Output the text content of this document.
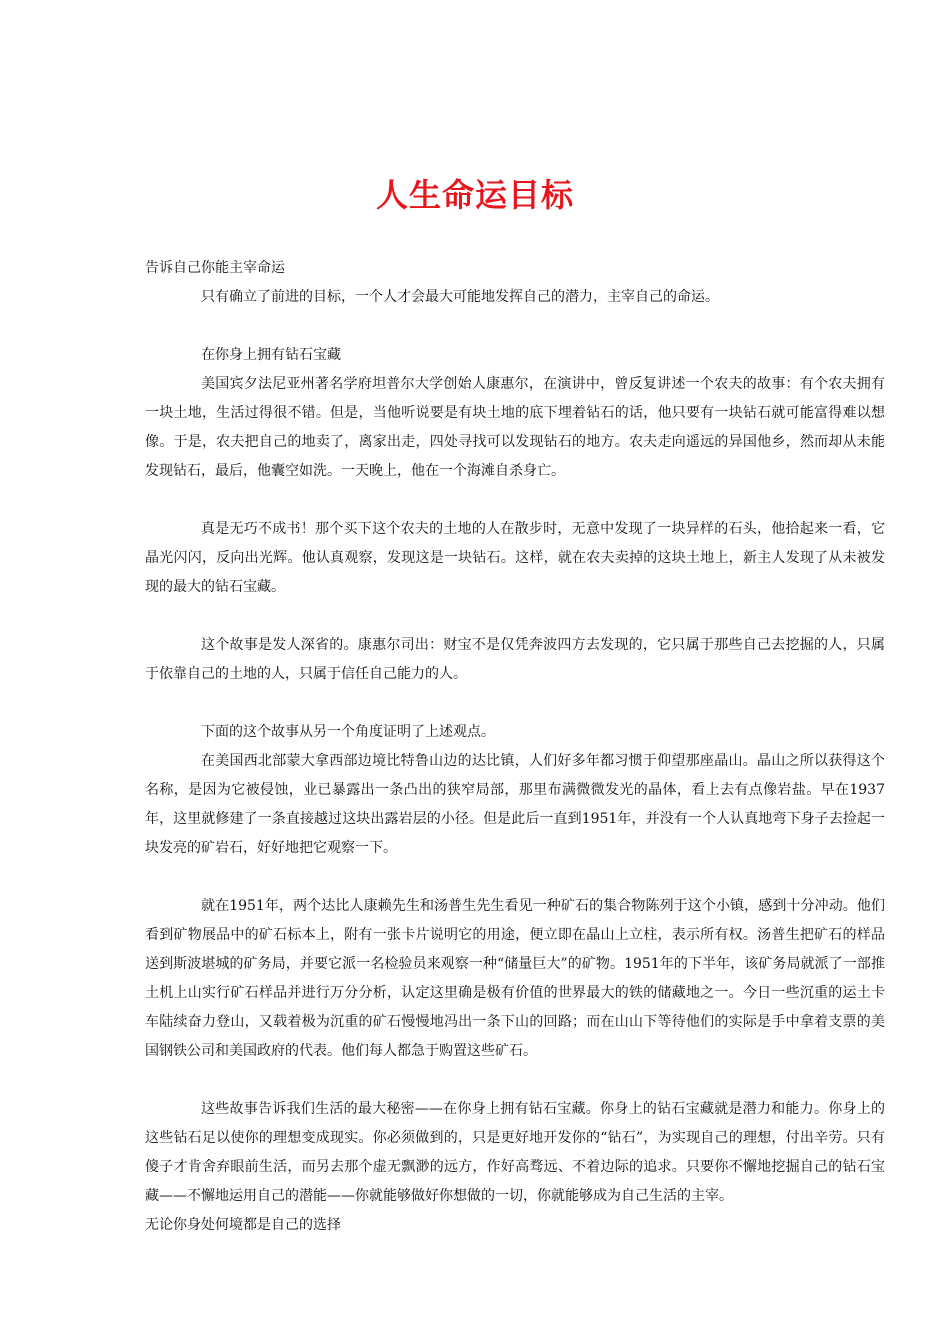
人生命运目标

告诉自己你能主宰命运

只有确立了前进的目标，一个人才会最大可能地发挥自己的潜力，主宰自己的命运。

在你身上拥有钻石宝藏

美国宾夕法尼亚州著名学府坦普尔大学创始人康惠尔，在演讲中，曾反复讲述一个农夫的故事：有个农夫拥有一块土地，生活过得很不错。但是，当他听说要是有块土地的底下埋着钻石的话，他只要有一块钻石就可能富得难以想像。于是，农夫把自己的地卖了，离家出走，四处寻找可以发现钻石的地方。农夫走向遥远的异国他乡，然而却从未能发现钻石，最后，他囊空如洗。一天晚上，他在一个海滩自杀身亡。

真是无巧不成书！那个买下这个农夫的土地的人在散步时，无意中发现了一块异样的石头，他拾起来一看，它晶光闪闪，反向出光辉。他认真观察，发现这是一块钻石。这样，就在农夫卖掉的这块土地上，新主人发现了从未被发现的最大的钻石宝藏。

这个故事是发人深省的。康惠尔司出：财宝不是仅凭奔波四方去发现的，它只属于那些自己去挖掘的人，只属于依靠自己的土地的人，只属于信任自己能力的人。

下面的这个故事从另一个角度证明了上述观点。

在美国西北部蒙大拿西部边境比特鲁山边的达比镇，人们好多年都习惯于仰望那座晶山。晶山之所以获得这个名称，是因为它被侵蚀，业已暴露出一条凸出的狭窄局部，那里布满微微发光的晶体，看上去有点像岩盐。早在1937年，这里就修建了一条直接越过这块出露岩层的小径。但是此后一直到1951年，并没有一个人认真地弯下身子去捡起一块发亮的矿岩石，好好地把它观察一下。

就在1951年，两个达比人康赖先生和汤普生先生看见一种矿石的集合物陈列于这个小镇，感到十分冲动。他们看到矿物展品中的矿石标本上，附有一张卡片说明它的用途，便立即在晶山上立柱，表示所有权。汤普生把矿石的样品送到斯波堪城的矿务局，并要它派一名检验员来观察一种“储量巨大”的矿物。1951年的下半年，该矿务局就派了一部推土机上山实行矿石样品并进行万分分析，认定这里确是极有价值的世界最大的铁的储藏地之一。今日一些沉重的运土卡车陆续奋力登山，又载着极为沉重的矿石慢慢地冯出一条下山的回路；而在山山下等待他们的实际是手中拿着支票的美国钢铁公司和美国政府的代表。他们每人都急于购置这些矿石。

这些故事告诉我们生活的最大秘密——在你身上拥有钻石宝藏。你身上的钻石宝藏就是潜力和能力。你身上的这些钻石足以使你的理想变成现实。你必须做到的，只是更好地开发你的“钻石”，为实现自己的理想，付出辛劳。只有傻子才肯舍弃眼前生活，而另去那个虚无飘渺的远方，作好高骛远、不着边际的追求。只要你不懈地挖掘自己的钻石宝藏——不懈地运用自己的潜能——你就能够做好你想做的一切，你就能够成为自己生活的主宰。

无论你身处何境都是自己的选择
